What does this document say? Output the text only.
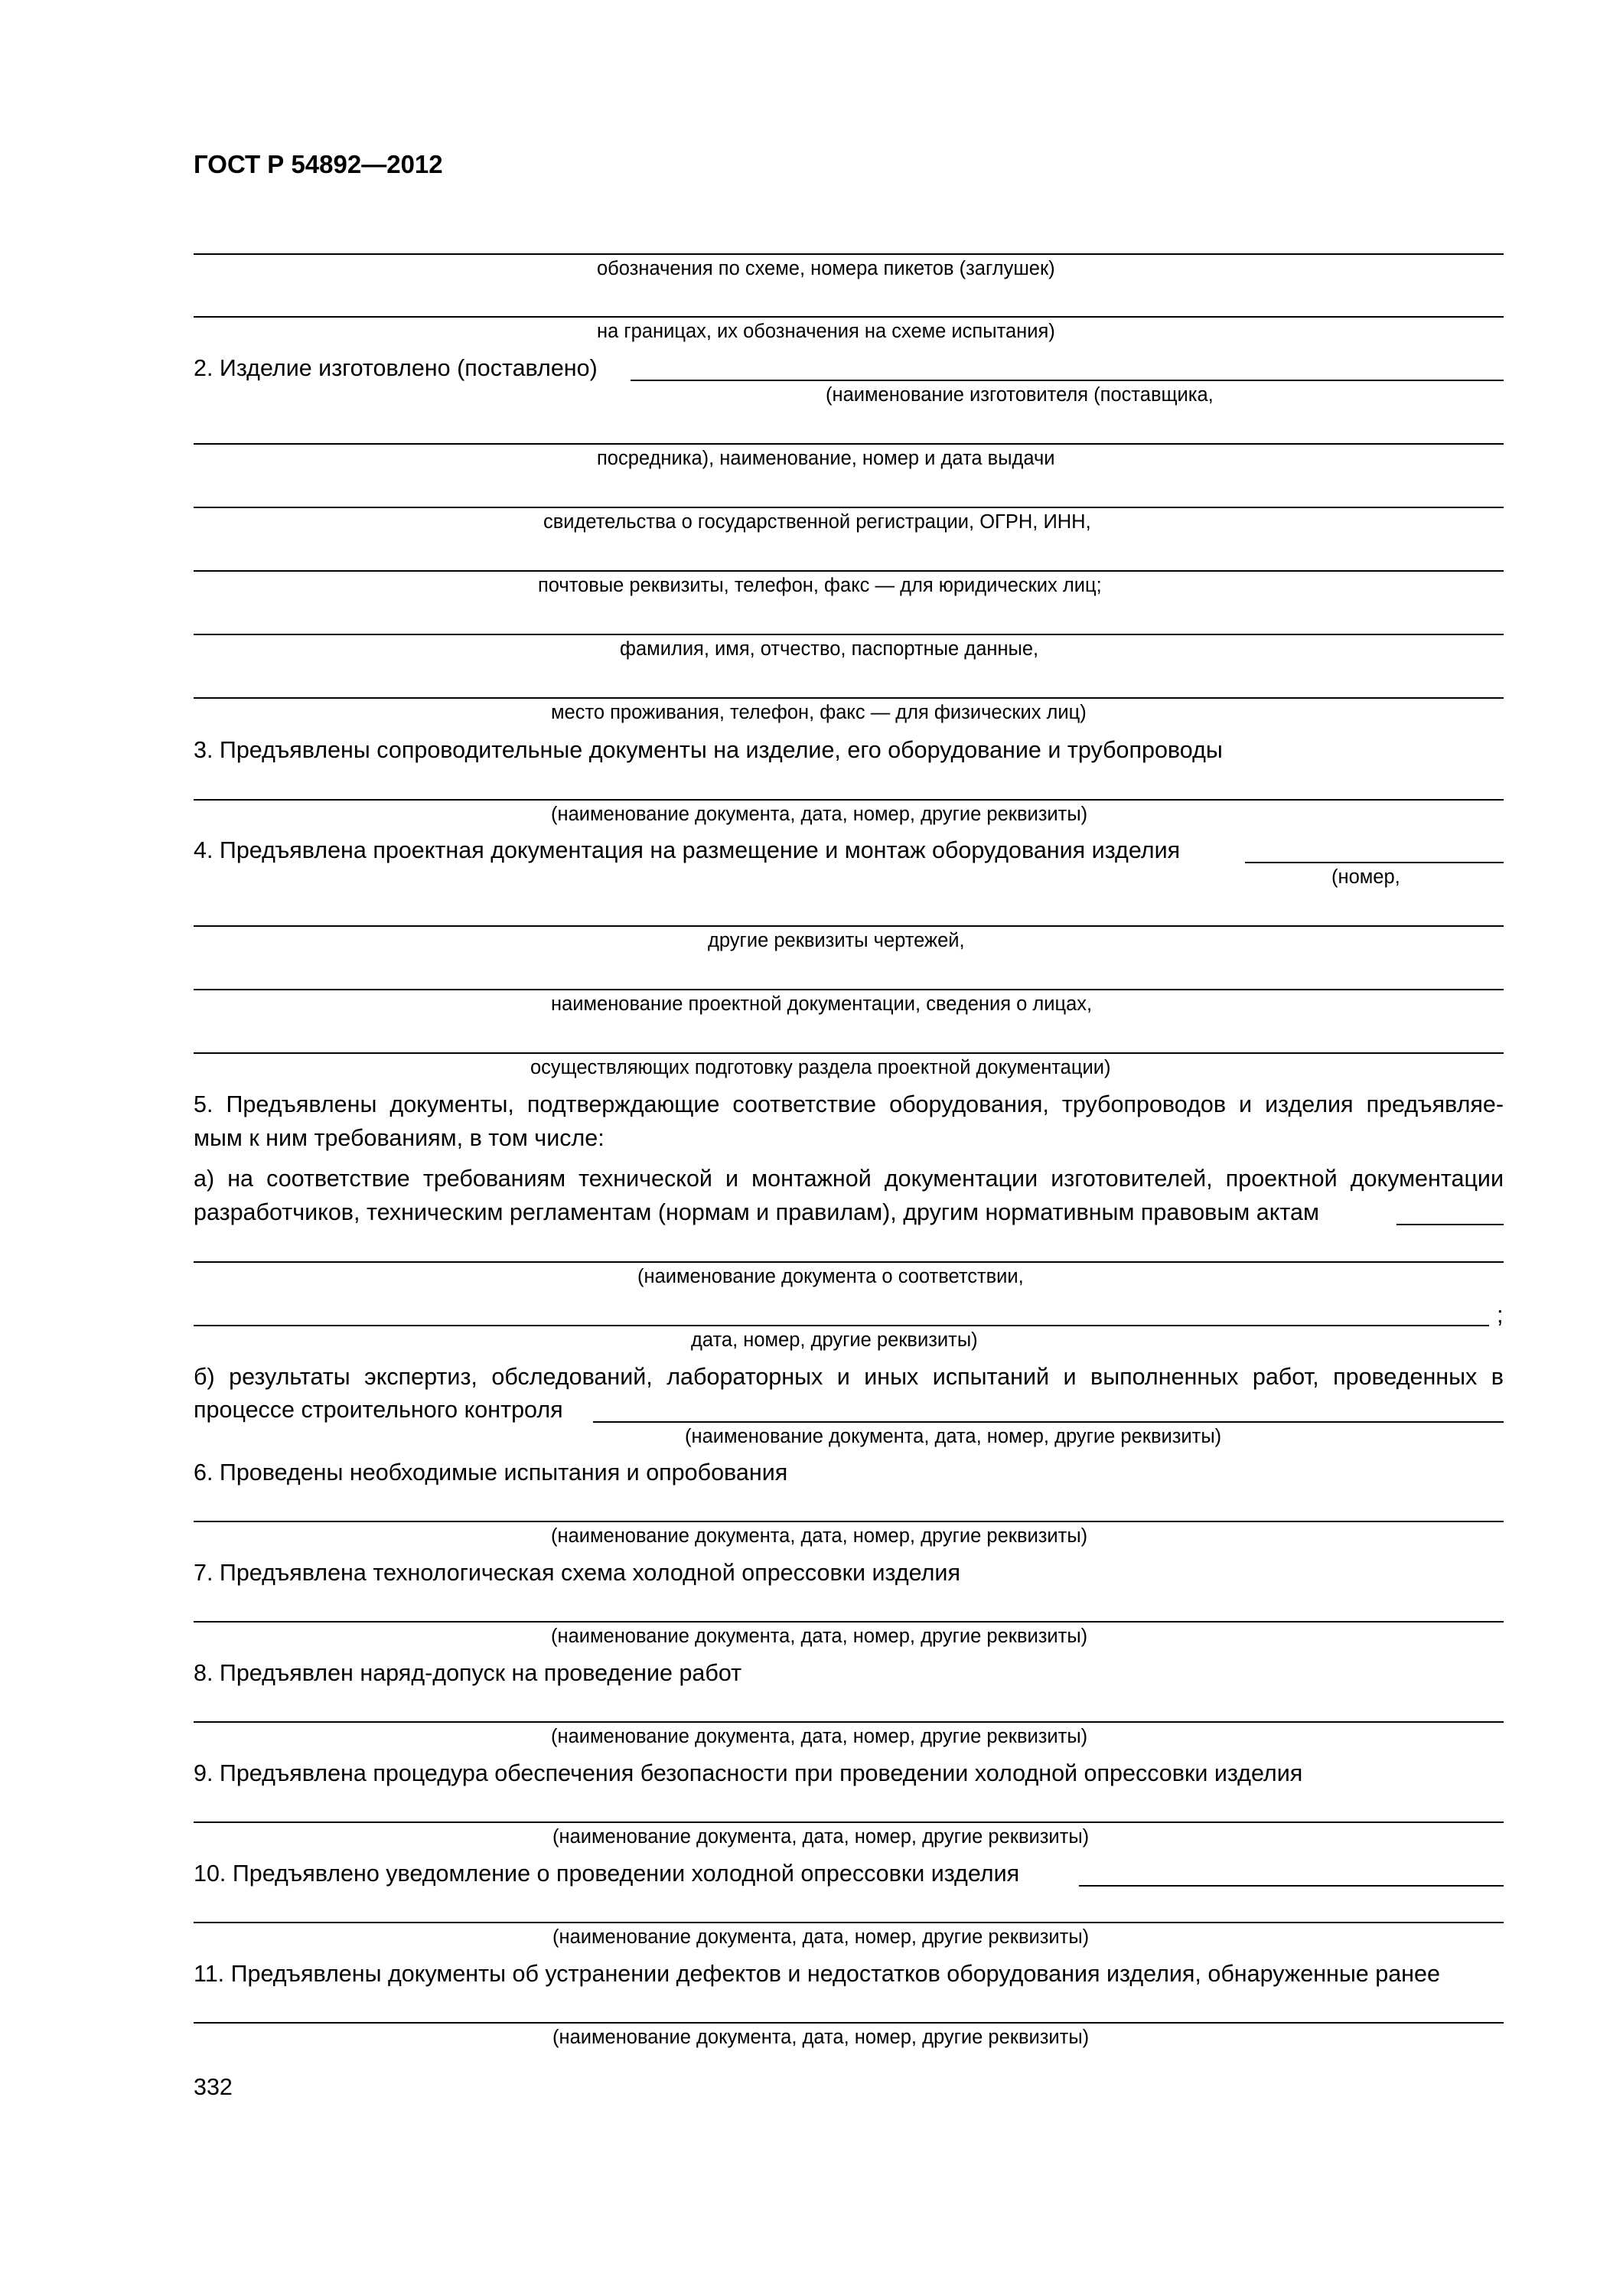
ГОСТ Р 54892—2012
обозначения по схеме, номера пикетов (заглушек)
на границах, их обозначения на схеме испытания)
2. Изделие изготовлено (поставлено)
(наименование изготовителя (поставщика,
посредника), наименование, номер и дата выдачи
свидетельства о государственной регистрации, ОГРН, ИНН,
почтовые реквизиты, телефон, факс — для юридических лиц;
фамилия, имя, отчество, паспортные данные,
место проживания, телефон, факс — для физических лиц)
3. Предъявлены сопроводительные документы на изделие, его оборудование и трубопроводы
(наименование документа, дата, номер, другие реквизиты)
4. Предъявлена проектная документация на размещение и монтаж оборудования изделия
(номер,
другие реквизиты чертежей,
наименование проектной документации, сведения о лицах,
осуществляющих подготовку раздела проектной документации)
5. Предъявлены документы, подтверждающие соответствие оборудования, трубопроводов и изделия предъявляе-
мым к ним требованиям, в том числе:
а) на соответствие требованиям технической и монтажной документации изготовителей, проектной документации
разработчиков, техническим регламентам (нормам и правилам), другим нормативным правовым актам
(наименование документа о соответствии,
;
дата, номер, другие реквизиты)
б) результаты экспертиз, обследований, лабораторных и иных испытаний и выполненных работ, проведенных в
процессе строительного контроля
(наименование документа, дата, номер, другие реквизиты)
6. Проведены необходимые испытания и опробования
(наименование документа, дата, номер, другие реквизиты)
7. Предъявлена технологическая схема холодной опрессовки изделия
(наименование документа, дата, номер, другие реквизиты)
8. Предъявлен наряд-допуск на проведение работ
(наименование документа, дата, номер, другие реквизиты)
9. Предъявлена процедура обеспечения безопасности при проведении холодной опрессовки изделия
(наименование документа, дата, номер, другие реквизиты)
10. Предъявлено уведомление о проведении холодной опрессовки изделия
(наименование документа, дата, номер, другие реквизиты)
11. Предъявлены документы об устранении дефектов и недостатков оборудования изделия, обнаруженные ранее
(наименование документа, дата, номер, другие реквизиты)
332
